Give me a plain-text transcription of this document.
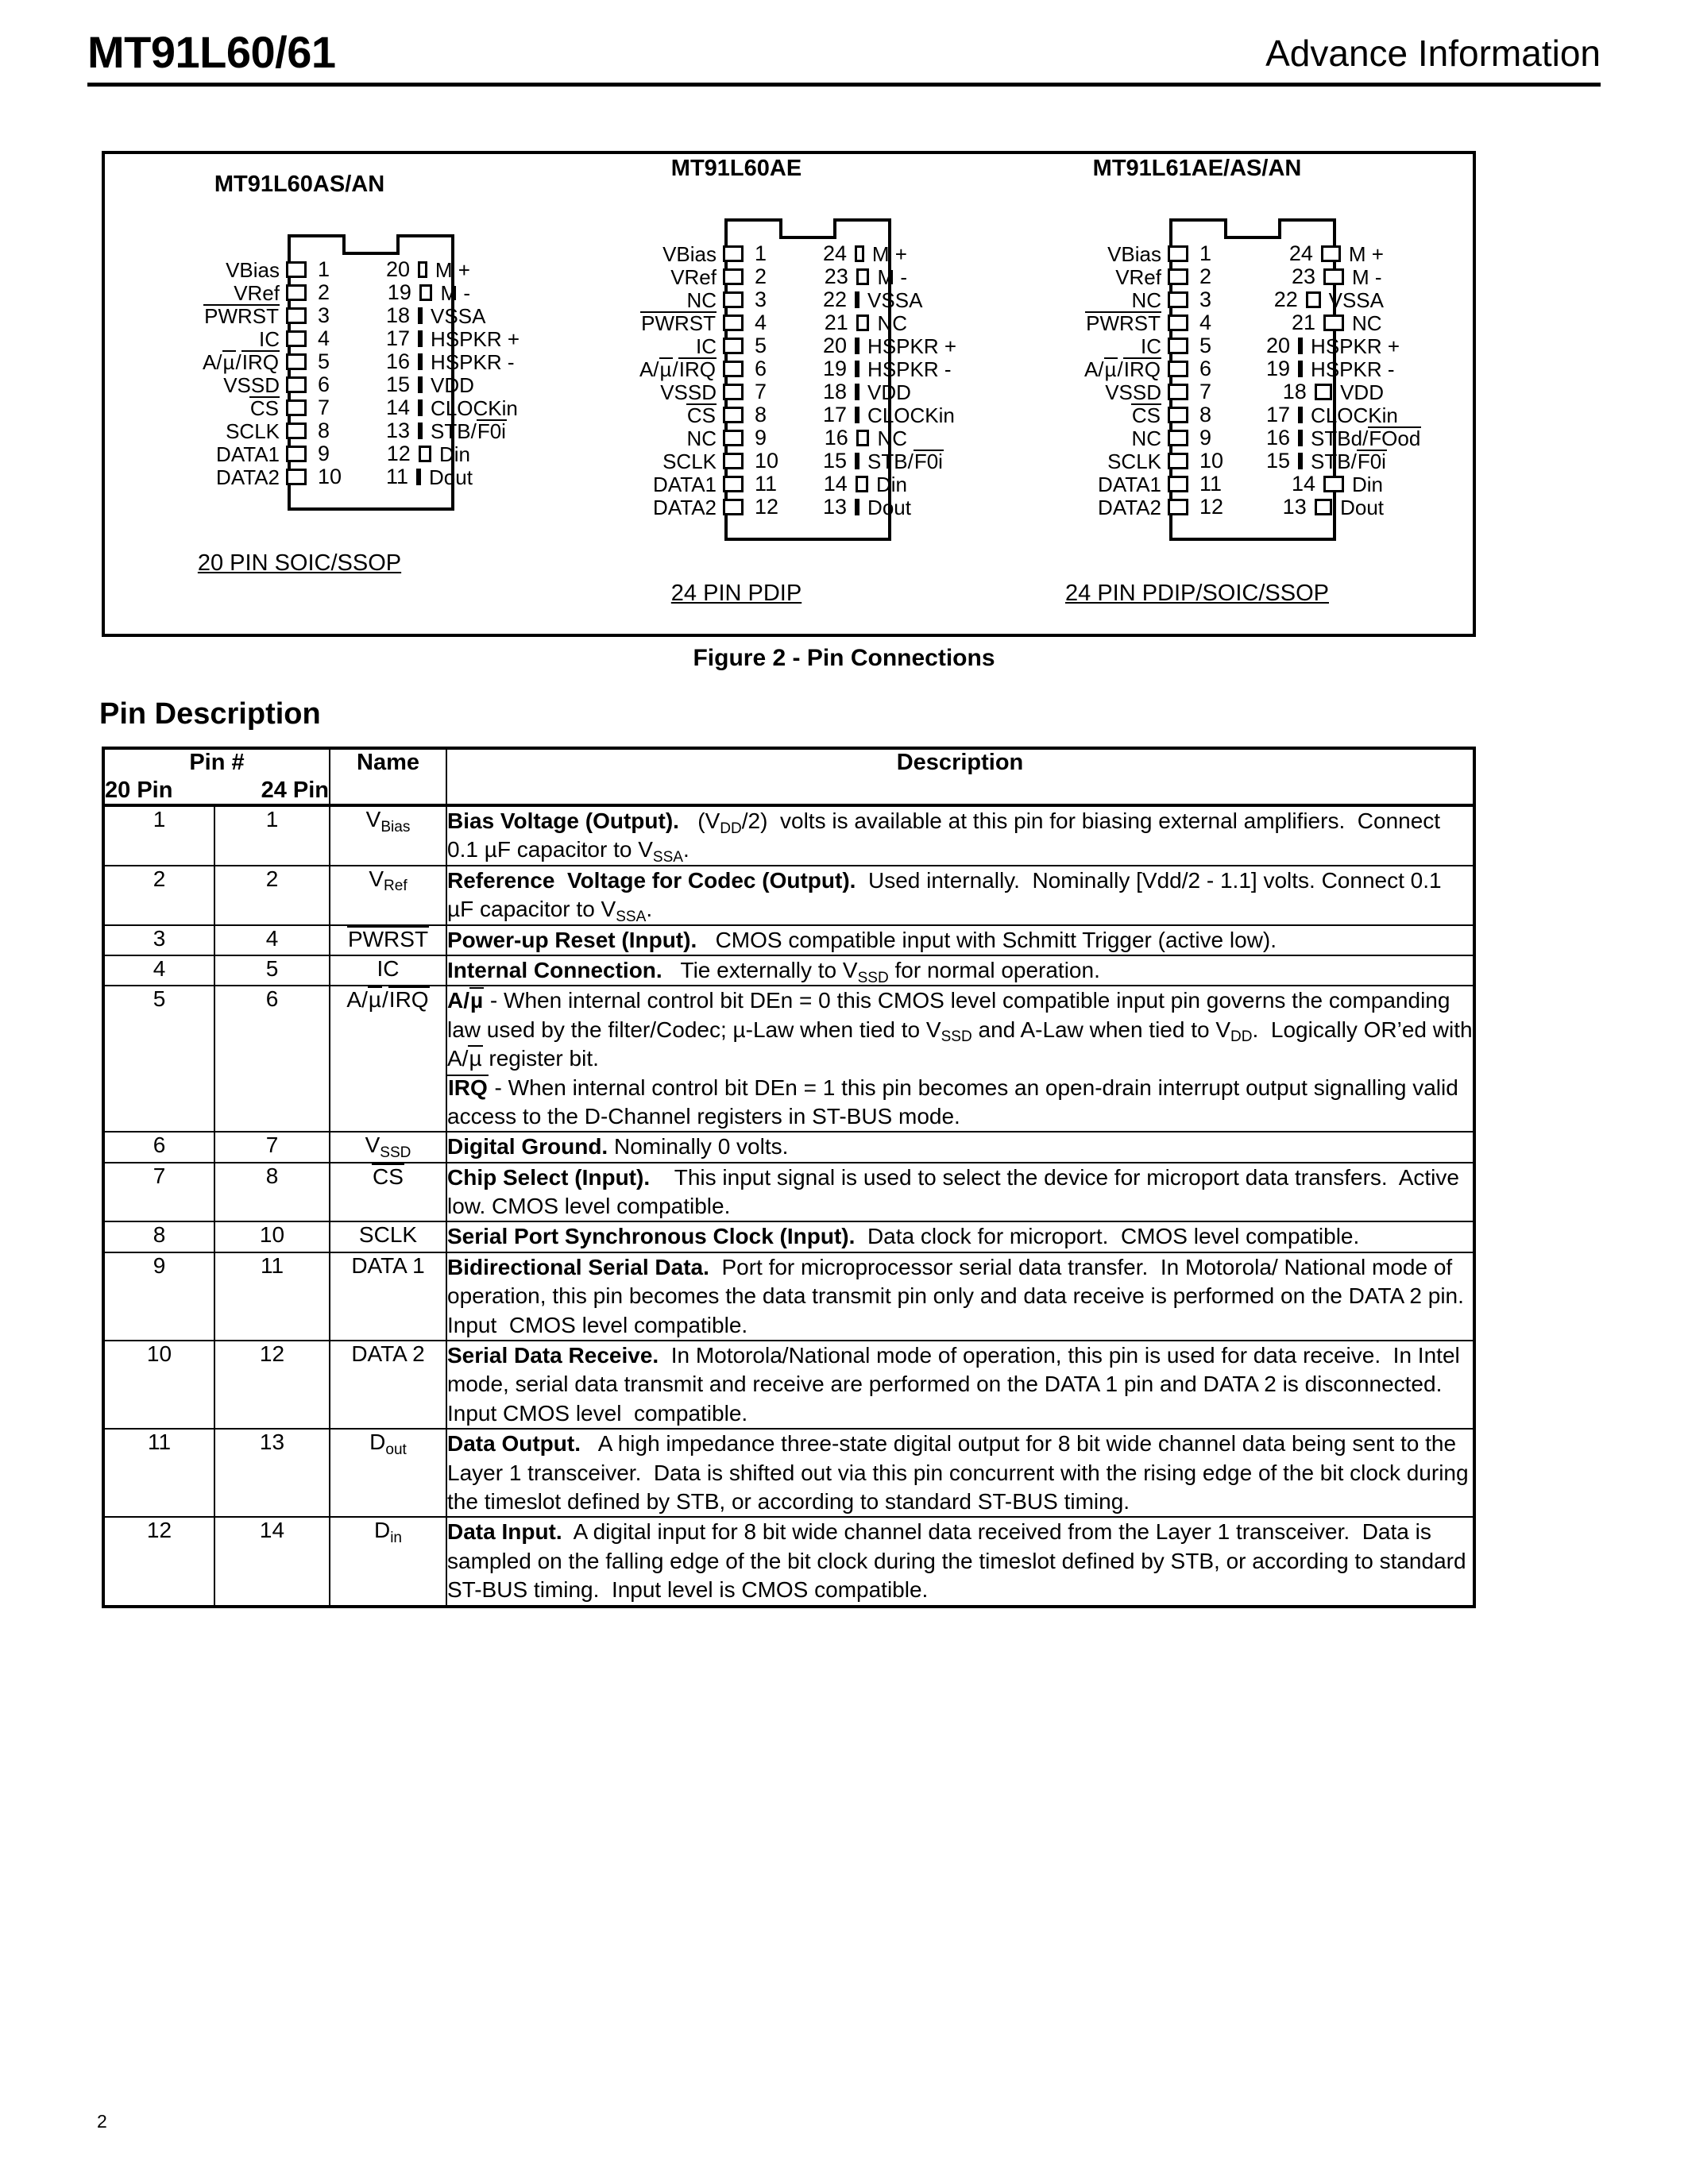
MT91L60/61	Advance Information
MT91L60AS/AN
VBias	1
VRef	2
PWRST	3
IC	4
A/µ/IRQ	5
VSSD	6
CS	7
SCLK	8
DATA1	9
DATA2	10
20	M +
19	M -
18	VSSA
17	HSPKR +
16	HSPKR -
15	VDD
14	CLOCKin
13	STB/F0i
12	Din
11	Dout
20 PIN SOIC/SSOP
MT91L60AE
VBias	1
VRef	2
NC	3
PWRST	4
IC	5
A/µ/IRQ	6
VSSD	7
CS	8
NC	9
SCLK	10
DATA1	11
DATA2	12
24	M +
23	M -
22	VSSA
21	NC
20	HSPKR +
19	HSPKR -
18	VDD
17	CLOCKin
16	NC
15	STB/F0i
14	Din
13	Dout
24 PIN PDIP
MT91L61AE/AS/AN
VBias	1
VRef	2
NC	3
PWRST	4
IC	5
A/µ/IRQ	6
VSSD	7
CS	8
NC	9
SCLK	10
DATA1	11
DATA2	12
24	M +
23	M -
22	VSSA
21	NC
20	HSPKR +
19	HSPKR -
18	VDD
17	CLOCKin
16	STBd/FOod
15	STB/F0i
14	Din
13	Dout
24 PIN PDIP/SOIC/SSOP
Figure 2 - Pin Connections
Pin Description
Pin #
20 Pin 24 Pin		Name	Description
1	1	$V_{Bias}$	Bias Voltage (Output).   $(V_{DD}/2)$  volts is available at this pin for biasing external amplifiers.  Connect  0.1 µF capacitor to $V_{SSA}$.
2	2	$V_{Ref}$	Reference  Voltage for Codec (Output).  Used internally.  Nominally [Vdd/2 - 1.1] volts. Connect 0.1 µF capacitor to $V_{SSA}$.
3	4	PWRST	Power-up Reset (Input).   CMOS compatible input with Schmitt Trigger (active low).
4	5	IC	Internal Connection.   Tie externally to $V_{SSD}$ for normal operation.
5	6	A/µ/IRQ	A/µ - When internal control bit DEn = 0 this CMOS level compatible input pin governs the companding law used by the filter/Codec; µ-Law when tied to $V_{SSD}$ and A-Law when tied to $V_{DD}$.  Logically OR’ed with A/µ register bit.
IRQ - When internal control bit DEn = 1 this pin becomes an open-drain interrupt output signalling valid access to the D-Channel registers in ST-BUS mode.
6	7	$V_{SSD}$	Digital Ground. Nominally 0 volts.
7	8	CS	Chip Select (Input).    This input signal is used to select the device for microport data transfers.  Active low. CMOS level compatible.
8	10	SCLK	Serial Port Synchronous Clock (Input).  Data clock for microport.  CMOS level compatible.
9	11	DATA 1	Bidirectional Serial Data.  Port for microprocessor serial data transfer.  In Motorola/ National mode of operation, this pin becomes the data transmit pin only and data receive is performed on the DATA 2 pin. Input  CMOS level compatible.
10	12	DATA 2	Serial Data Receive.  In Motorola/National mode of operation, this pin is used for data receive.  In Intel mode, serial data transmit and receive are performed on the DATA 1 pin and DATA 2 is disconnected.  Input CMOS level  compatible.
11	13	$D_{out}$	Data Output.   A high impedance three-state digital output for 8 bit wide channel data being sent to the Layer 1 transceiver.  Data is shifted out via this pin concurrent with the rising edge of the bit clock during the timeslot defined by STB, or according to standard ST-BUS timing.
12	14	$D_{in}$	Data Input.  A digital input for 8 bit wide channel data received from the Layer 1 transceiver.  Data is sampled on the falling edge of the bit clock during the timeslot defined by STB, or according to standard ST-BUS timing.  Input level is CMOS compatible.
2
